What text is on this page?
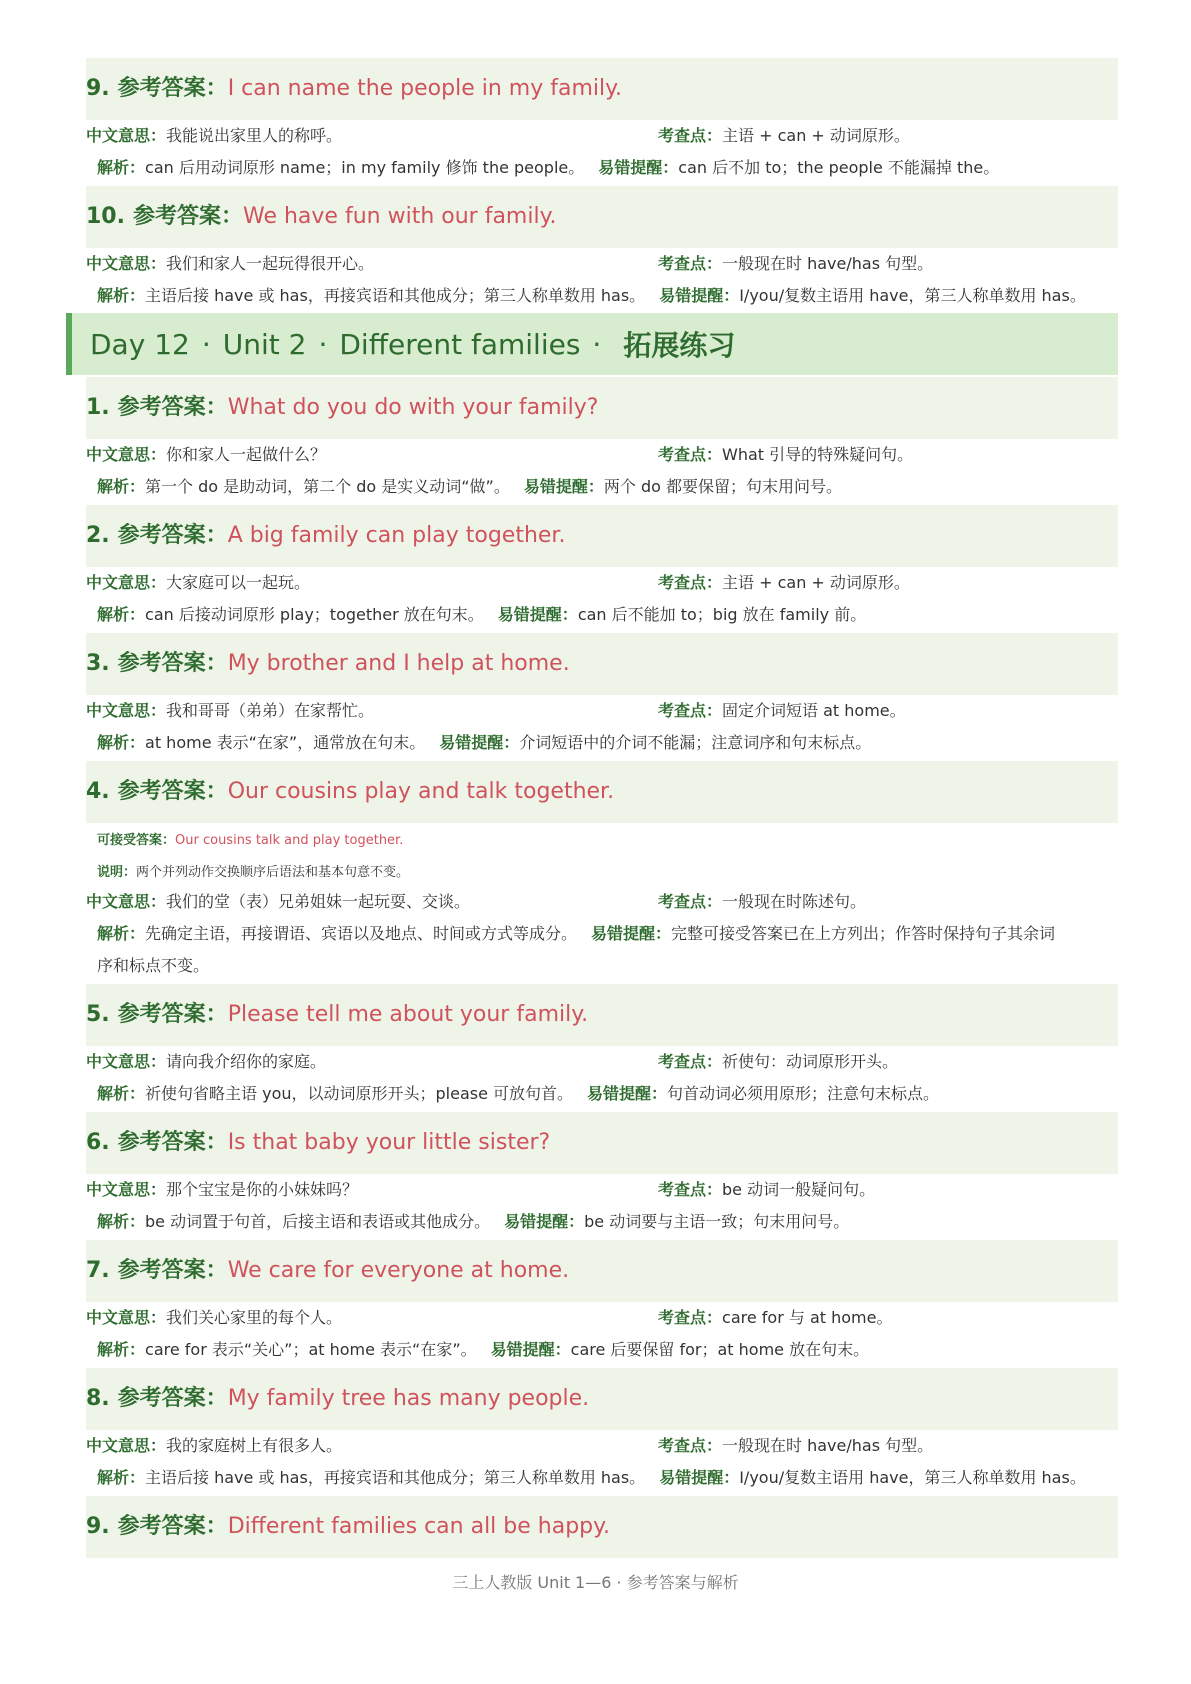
9. 参考答案： I can name the people in my family.
中文意思：我能说出家里人的称呼。	考查点：主语 + can + 动词原形。
解析：can 后用动词原形 name；in my family 修饰 the people。 易错提醒：can 后不加 to；the people 不能漏掉 the。
10. 参考答案： We have fun with our family.
中文意思：我们和家人一起玩得很开心。	考查点：一般现在时 have/has 句型。
解析：主语后接 have 或 has，再接宾语和其他成分；第三人称单数用 has。 易错提醒：I/you/复数主语用 have，第三人称单数用 has。
Day 12 · Unit 2 · Different families · 拓展练习
1. 参考答案： What do you do with your family?
中文意思：你和家人一起做什么？	考查点：What 引导的特殊疑问句。
解析：第一个 do 是助动词，第二个 do 是实义动词“做”。 易错提醒：两个 do 都要保留；句末用问号。
2. 参考答案： A big family can play together.
中文意思：大家庭可以一起玩。	考查点：主语 + can + 动词原形。
解析：can 后接动词原形 play；together 放在句末。 易错提醒：can 后不能加 to；big 放在 family 前。
3. 参考答案： My brother and I help at home.
中文意思：我和哥哥（弟弟）在家帮忙。	考查点：固定介词短语 at home。
解析：at home 表示“在家”，通常放在句末。 易错提醒：介词短语中的介词不能漏；注意词序和句末标点。
4. 参考答案： Our cousins play and talk together.
可接受答案：Our cousins talk and play together.
说明：两个并列动作交换顺序后语法和基本句意不变。
中文意思：我们的堂（表）兄弟姐妹一起玩耍、交谈。	考查点：一般现在时陈述句。
解析：先确定主语，再接谓语、宾语以及地点、时间或方式等成分。 易错提醒：完整可接受答案已在上方列出；作答时保持句子其余词
序和标点不变。
5. 参考答案： Please tell me about your family.
中文意思：请向我介绍你的家庭。	考查点：祈使句：动词原形开头。
解析：祈使句省略主语 you，以动词原形开头；please 可放句首。 易错提醒：句首动词必须用原形；注意句末标点。
6. 参考答案： Is that baby your little sister?
中文意思：那个宝宝是你的小妹妹吗？	考查点：be 动词一般疑问句。
解析：be 动词置于句首，后接主语和表语或其他成分。 易错提醒：be 动词要与主语一致；句末用问号。
7. 参考答案： We care for everyone at home.
中文意思：我们关心家里的每个人。	考查点：care for 与 at home。
解析：care for 表示“关心”；at home 表示“在家”。 易错提醒：care 后要保留 for；at home 放在句末。
8. 参考答案： My family tree has many people.
中文意思：我的家庭树上有很多人。	考查点：一般现在时 have/has 句型。
解析：主语后接 have 或 has，再接宾语和其他成分；第三人称单数用 has。 易错提醒：I/you/复数主语用 have，第三人称单数用 has。
9. 参考答案： Different families can all be happy.
三上人教版 Unit 1—6 · 参考答案与解析
